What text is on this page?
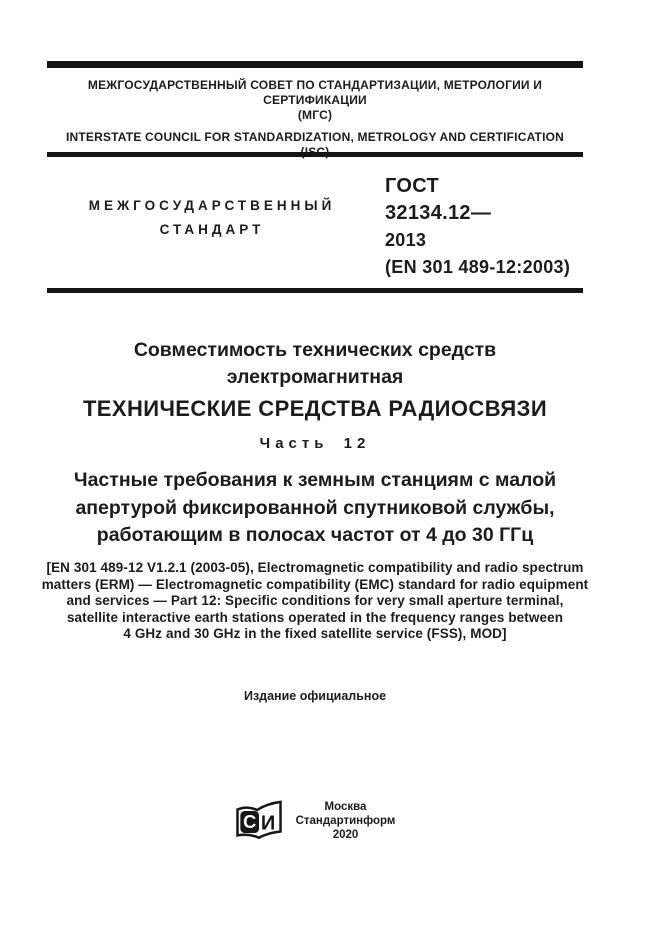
МЕЖГОСУДАРСТВЕННЫЙ СОВЕТ ПО СТАНДАРТИЗАЦИИ, МЕТРОЛОГИИ И СЕРТИФИКАЦИИ
(МГС)
INTERSTATE COUNCIL FOR STANDARDIZATION, METROLOGY AND CERTIFICATION
МЕЖГОСУДАРСТВЕННЫЙ
СТАНДАРТ
ГОСТ
32134.12—
2013
(EN 301 489-12:2003)
Совместимость технических средств
электромагнитная
ТЕХНИЧЕСКИЕ СРЕДСТВА РАДИОСВЯЗИ
Часть 12
Частные требования к земным станциям с малой
апертурой фиксированной спутниковой службы,
работающим в полосах частот от 4 до 30 ГГц
[EN 301 489-12 V1.2.1 (2003-05), Electromagnetic compatibility and radio spectrum
matters (ERM) — Electromagnetic compatibility (EMC) standard for radio equipment
and services — Part 12: Specific conditions for very small aperture terminal,
satellite interactive earth stations operated in the frequency ranges between
4 GHz and 30 GHz in the fixed satellite service (FSS), MOD]
Издание официальное
С И
Москва
Стандартинформ
2020
